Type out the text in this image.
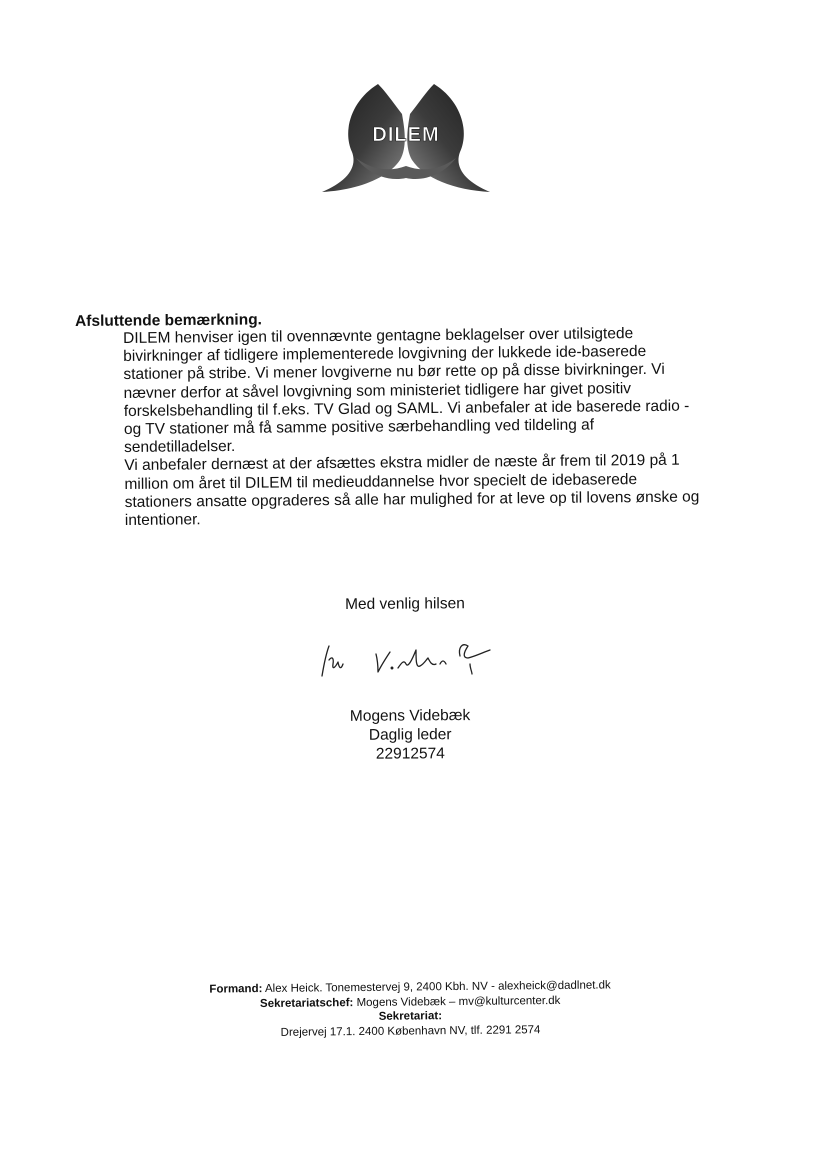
DILEM
Afsluttende bemærkning.
DILEM henviser igen til ovennævnte gentagne beklagelser over utilsigtede
bivirkninger af tidligere implementerede lovgivning der lukkede ide-baserede
stationer på stribe. Vi mener lovgiverne nu bør rette op på disse bivirkninger. Vi
nævner derfor at såvel lovgivning som ministeriet tidligere har givet positiv
forskelsbehandling til f.eks. TV Glad og SAML. Vi anbefaler at ide baserede radio -
og TV stationer må få samme positive særbehandling ved tildeling af
sendetilladelser.
Vi anbefaler dernæst at der afsættes ekstra midler de næste år frem til 2019 på 1
million om året til DILEM til medieuddannelse hvor specielt de idebaserede
stationers ansatte opgraderes så alle har mulighed for at leve op til lovens ønske og
intentioner.
Med venlig hilsen
Mogens Videbæk
Daglig leder
22912574
Formand: Alex Heick. Tonemestervej 9, 2400 Kbh. NV - alexheick@dadlnet.dk
Sekretariatschef: Mogens Videbæk – mv@kulturcenter.dk
Sekretariat:
Drejervej 17.1. 2400 København NV, tlf. 2291 2574
